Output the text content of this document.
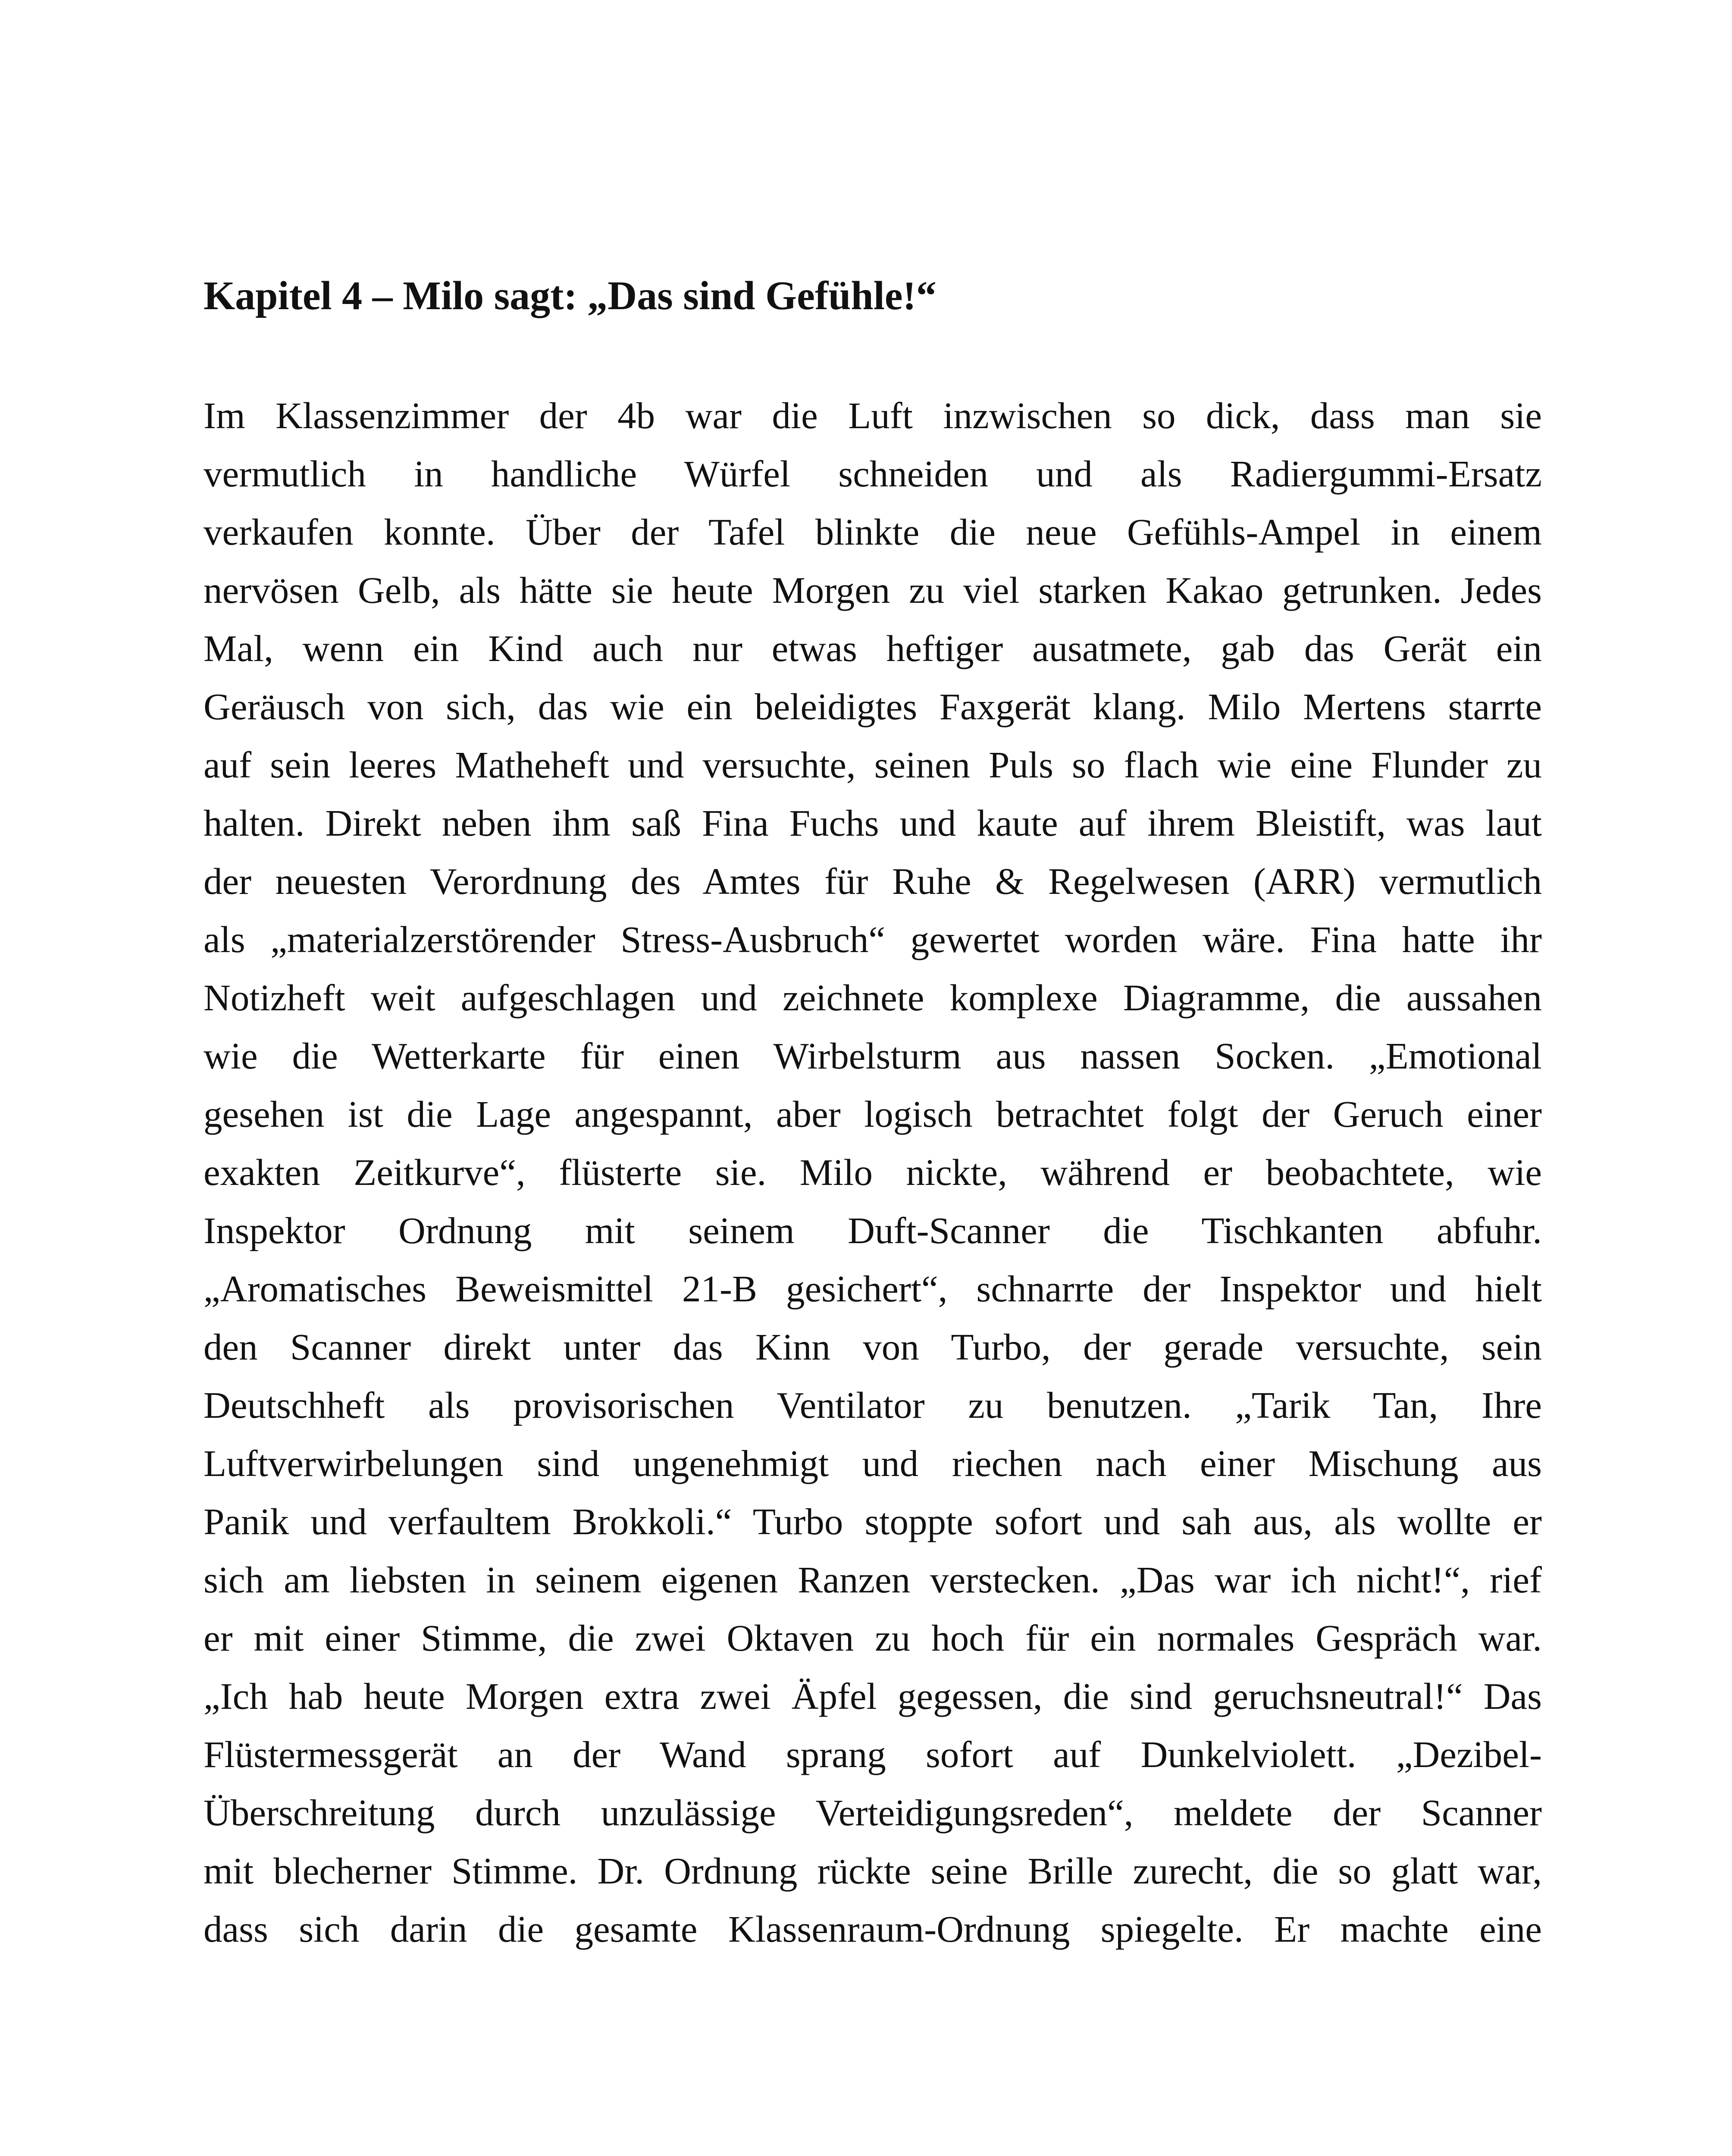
Kapitel 4 – Milo sagt: „Das sind Gefühle!“
Im Klassenzimmer der 4b war die Luft inzwischen so dick, dass man sie
vermutlich in handliche Würfel schneiden und als Radiergummi-Ersatz
verkaufen konnte. Über der Tafel blinkte die neue Gefühls-Ampel in einem
nervösen Gelb, als hätte sie heute Morgen zu viel starken Kakao getrunken. Jedes
Mal, wenn ein Kind auch nur etwas heftiger ausatmete, gab das Gerät ein
Geräusch von sich, das wie ein beleidigtes Faxgerät klang. Milo Mertens starrte
auf sein leeres Matheheft und versuchte, seinen Puls so flach wie eine Flunder zu
halten. Direkt neben ihm saß Fina Fuchs und kaute auf ihrem Bleistift, was laut
der neuesten Verordnung des Amtes für Ruhe & Regelwesen (ARR) vermutlich
als „materialzerstörender Stress-Ausbruch“ gewertet worden wäre. Fina hatte ihr
Notizheft weit aufgeschlagen und zeichnete komplexe Diagramme, die aussahen
wie die Wetterkarte für einen Wirbelsturm aus nassen Socken. „Emotional
gesehen ist die Lage angespannt, aber logisch betrachtet folgt der Geruch einer
exakten Zeitkurve“, flüsterte sie. Milo nickte, während er beobachtete, wie
Inspektor Ordnung mit seinem Duft-Scanner die Tischkanten abfuhr.
„Aromatisches Beweismittel 21-B gesichert“, schnarrte der Inspektor und hielt
den Scanner direkt unter das Kinn von Turbo, der gerade versuchte, sein
Deutschheft als provisorischen Ventilator zu benutzen. „Tarik Tan, Ihre
Luftverwirbelungen sind ungenehmigt und riechen nach einer Mischung aus
Panik und verfaultem Brokkoli.“ Turbo stoppte sofort und sah aus, als wollte er
sich am liebsten in seinem eigenen Ranzen verstecken. „Das war ich nicht!“, rief
er mit einer Stimme, die zwei Oktaven zu hoch für ein normales Gespräch war.
„Ich hab heute Morgen extra zwei Äpfel gegessen, die sind geruchsneutral!“ Das
Flüstermessgerät an der Wand sprang sofort auf Dunkelviolett. „Dezibel-
Überschreitung durch unzulässige Verteidigungsreden“, meldete der Scanner
mit blecherner Stimme. Dr. Ordnung rückte seine Brille zurecht, die so glatt war,
dass sich darin die gesamte Klassenraum-Ordnung spiegelte. Er machte eine
